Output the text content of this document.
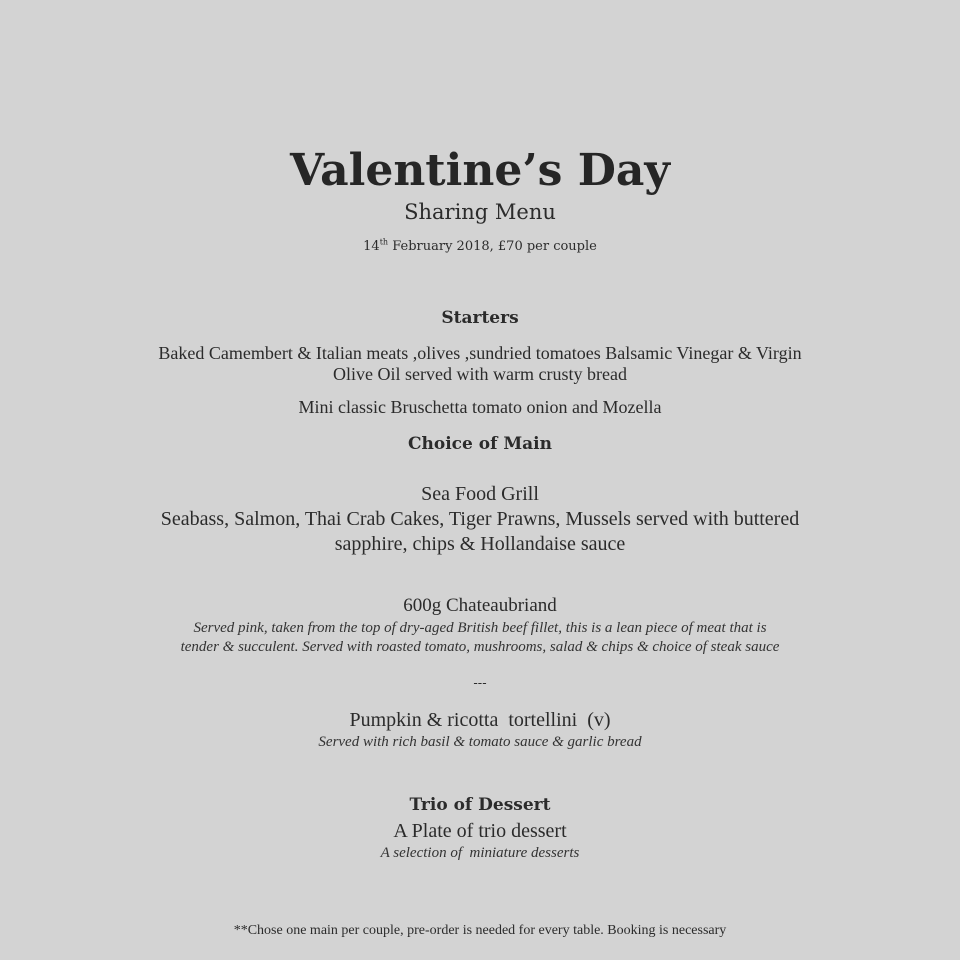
Valentine’s Day
Sharing Menu
14th February 2018, £70 per couple
Starters
Baked Camembert & Italian meats ,olives ,sundried tomatoes Balsamic Vinegar & Virgin
Olive Oil served with warm crusty bread
Mini classic Bruschetta tomato onion and Mozella
Choice of Main
Sea Food Grill
Seabass, Salmon, Thai Crab Cakes, Tiger Prawns, Mussels served with buttered
sapphire, chips & Hollandaise sauce
600g Chateaubriand
Served pink, taken from the top of dry-aged British beef fillet, this is a lean piece of meat that is
tender & succulent. Served with roasted tomato, mushrooms, salad & chips & choice of steak sauce
---
Pumpkin & ricotta  tortellini  (v)
Served with rich basil & tomato sauce & garlic bread
Trio of Dessert
A Plate of trio dessert
A selection of  miniature desserts
**Chose one main per couple, pre-order is needed for every table. Booking is necessary
